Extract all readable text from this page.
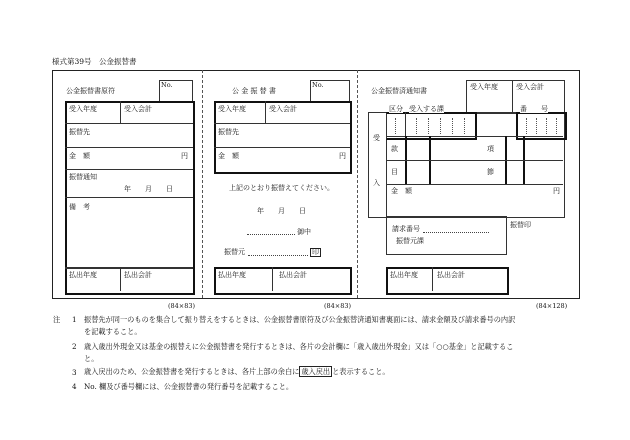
様式第39号　公金振替書
公金振替書原符
No.
受入年度	受入会計
振替先
金　額	円
振替通知
年　　月　　日
備　考
払出年度	払出会計
(84×83)
公 金 振 替 書
No.
受入年度	受入会計
振替先
金　額	円
上記のとおり振替えてください。
年　　月　　日
御中
振替元	印
払出年度	払出会計
(84×83)
公金振替済通知書	受入年度	受入会計
受
入
区分 受入する課	番　　号
款	項
目	節
金　額	円
請求番号
振替元課
振替印
払出年度	払出会計
(84×128)
注 1 振替先が同一のものを集合して振り替えをするときは、公金振替書原符及び公金振替済通知書裏面には、請求金額及び請求番号の内訳
を記載すること。
2 歳入歳出外現金又は基金の振替えに公金振替書を発行するときは、各片の会計欄に「歳入歳出外現金」又は「○○基金」と記載するこ
と。
3 歳入戻出のため、公金振替書を発行するときは、各片上部の余白に 歳入戻出 と表示すること。
4 No. 欄及び番号欄には、公金振替書の発行番号を記載すること。
